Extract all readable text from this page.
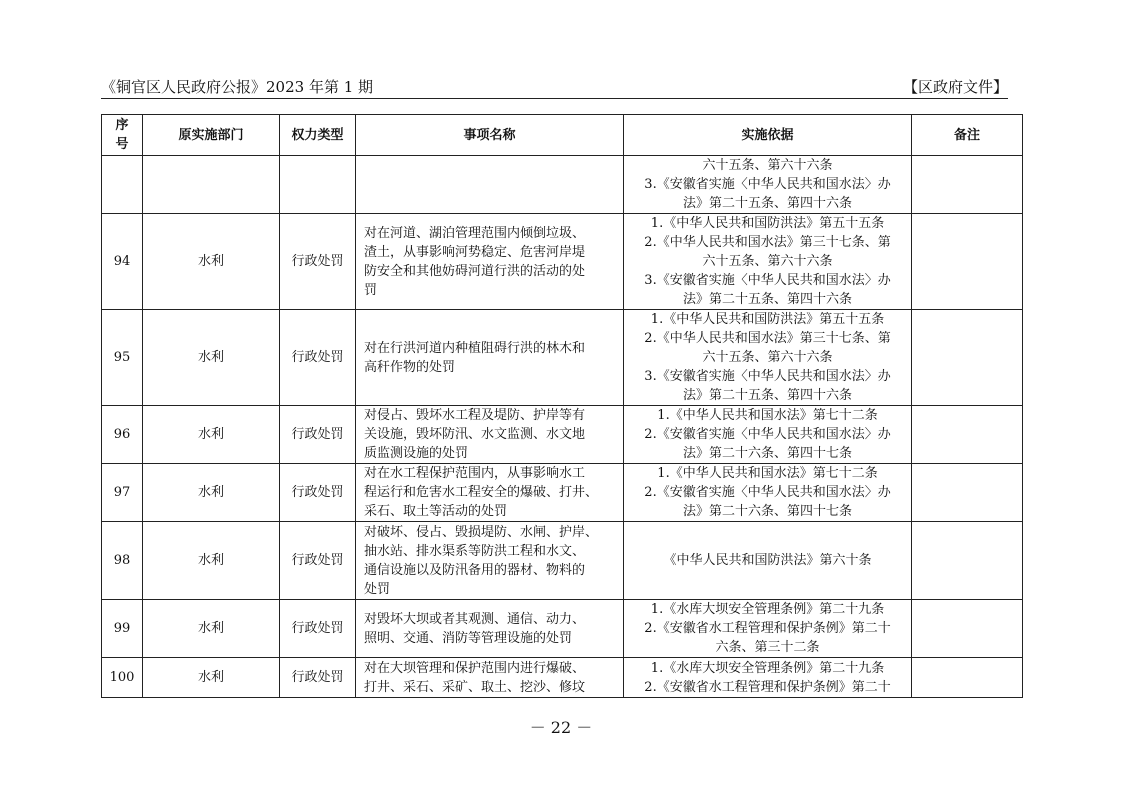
《铜官区人民政府公报》2023 年第 1 期	【区政府文件】
序
号	原实施部门	权力类型	事项名称	实施依据	备注

				六十五条、第六十六条
3.《安徽省实施〈中华人民共和国水法〉办
法》第二十五条、第四十六条	

94	水利	行政处罚	对在河道、湖泊管理范围内倾倒垃圾、
渣土，从事影响河势稳定、危害河岸堤
防安全和其他妨碍河道行洪的活动的处
罚	1.《中华人民共和国防洪法》第五十五条
2.《中华人民共和国水法》第三十七条、第
六十五条、第六十六条
3.《安徽省实施〈中华人民共和国水法〉办
法》第二十五条、第四十六条	

95	水利	行政处罚	对在行洪河道内种植阻碍行洪的林木和
高秆作物的处罚	1.《中华人民共和国防洪法》第五十五条
2.《中华人民共和国水法》第三十七条、第
六十五条、第六十六条
3.《安徽省实施〈中华人民共和国水法〉办
法》第二十五条、第四十六条	

96	水利	行政处罚	对侵占、毁坏水工程及堤防、护岸等有
关设施，毁坏防汛、水文监测、水文地
质监测设施的处罚	1.《中华人民共和国水法》第七十二条
2.《安徽省实施〈中华人民共和国水法〉办
法》第二十六条、第四十七条	

97	水利	行政处罚	对在水工程保护范围内，从事影响水工
程运行和危害水工程安全的爆破、打井、
采石、取土等活动的处罚	1.《中华人民共和国水法》第七十二条
2.《安徽省实施〈中华人民共和国水法〉办
法》第二十六条、第四十七条	

98	水利	行政处罚	对破坏、侵占、毁损堤防、水闸、护岸、
抽水站、排水渠系等防洪工程和水文、
通信设施以及防汛备用的器材、物料的
处罚	《中华人民共和国防洪法》第六十条	

99	水利	行政处罚	对毁坏大坝或者其观测、通信、动力、
照明、交通、消防等管理设施的处罚	1.《水库大坝安全管理条例》第二十九条
2.《安徽省水工程管理和保护条例》第二十
六条、第三十二条	

100	水利	行政处罚	对在大坝管理和保护范围内进行爆破、
打井、采石、采矿、取土、挖沙、修坟	1.《水库大坝安全管理条例》第二十九条
2.《安徽省水工程管理和保护条例》第二十	

－ 22 －
